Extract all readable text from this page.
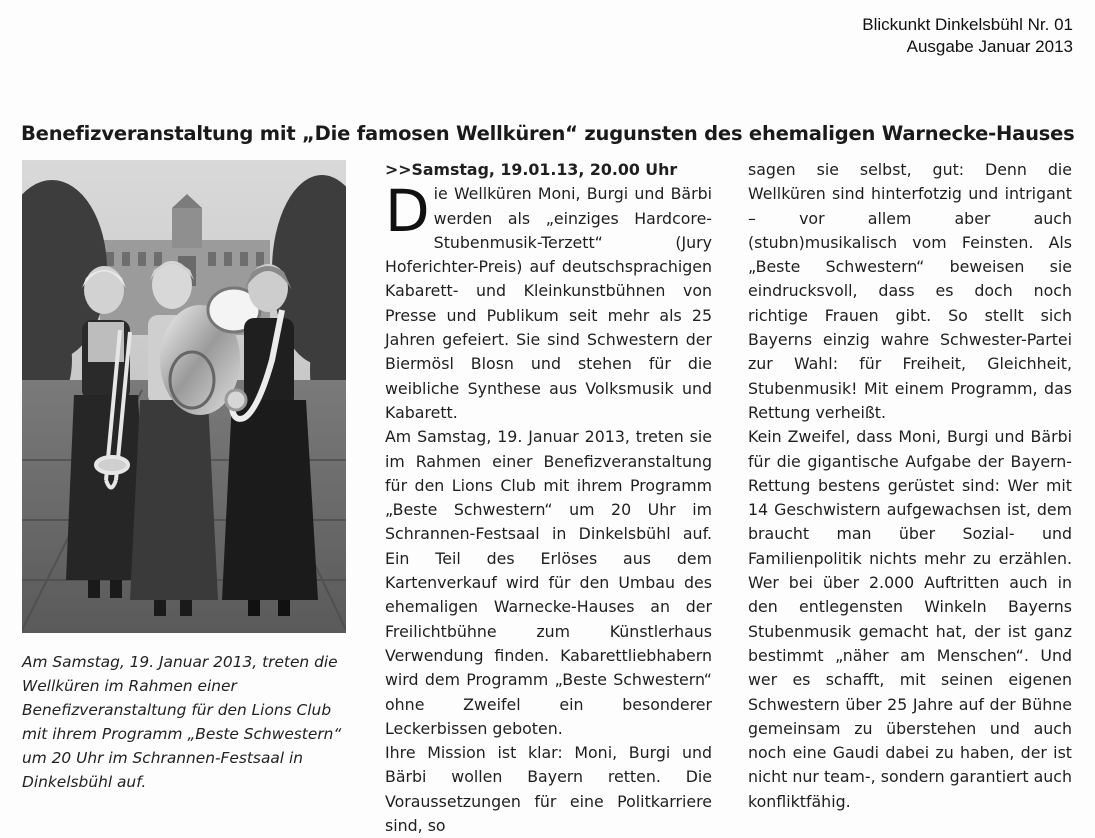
Blickunkt Dinkelsbühl Nr. 01
Ausgabe Januar 2013
Benefizveranstaltung mit „Die famosen Wellküren“ zugunsten des ehemaligen Warnecke-Hauses
Am Samstag, 19. Januar 2013, treten die Wellküren im Rahmen einer Benefizveranstaltung für den Lions Club mit ihrem Programm „Beste Schwestern“ um 20 Uhr im Schrannen-Festsaal in Dinkelsbühl auf.

>>Samstag, 19.01.13, 20.00 Uhr

Die Wellküren Moni, Burgi und Bärbi werden als „einziges Hardcore-Stubenmusik-Terzett“ (Jury Hoferichter-Preis) auf deutschsprachigen Kabarett- und Kleinkunstbühnen von Presse und Publikum seit mehr als 25 Jahren gefeiert. Sie sind Schwestern der Biermösl Blosn und stehen für die weibliche Synthese aus Volksmusik und Kabarett.

Am Samstag, 19. Januar 2013, treten sie im Rahmen einer Benefizveranstaltung für den Lions Club mit ihrem Programm „Beste Schwestern“ um 20 Uhr im Schrannen-Festsaal in Dinkelsbühl auf. Ein Teil des Erlöses aus dem Kartenverkauf wird für den Umbau des ehemaligen Warnecke-Hauses an der Freilichtbühne zum Künstlerhaus Verwendung finden. Kabarettliebhabern wird dem Programm „Beste Schwestern“ ohne Zweifel ein besonderer Leckerbissen geboten.

Ihre Mission ist klar: Moni, Burgi und Bärbi wollen Bayern retten. Die Voraussetzungen für eine Politkarriere sind, so

sagen sie selbst, gut: Denn die Wellküren sind hinterfotzig und intrigant – vor allem aber auch (stubn)musikalisch vom Feinsten. Als „Beste Schwestern“ beweisen sie eindrucksvoll, dass es doch noch richtige Frauen gibt. So stellt sich Bayerns einzig wahre Schwester-Partei zur Wahl: für Freiheit, Gleichheit, Stubenmusik! Mit einem Programm, das Rettung verheißt.

Kein Zweifel, dass Moni, Burgi und Bärbi für die gigantische Aufgabe der Bayern-Rettung bestens gerüstet sind: Wer mit 14 Geschwistern aufgewachsen ist, dem braucht man über Sozial- und Familienpolitik nichts mehr zu erzählen. Wer bei über 2.000 Auftritten auch in den entlegensten Winkeln Bayerns Stubenmusik gemacht hat, der ist ganz bestimmt „näher am Menschen“. Und wer es schafft, mit seinen eigenen Schwestern über 25 Jahre auf der Bühne gemeinsam zu überstehen und auch noch eine Gaudi dabei zu haben, der ist nicht nur team-, sondern garantiert auch konfliktfähig.
